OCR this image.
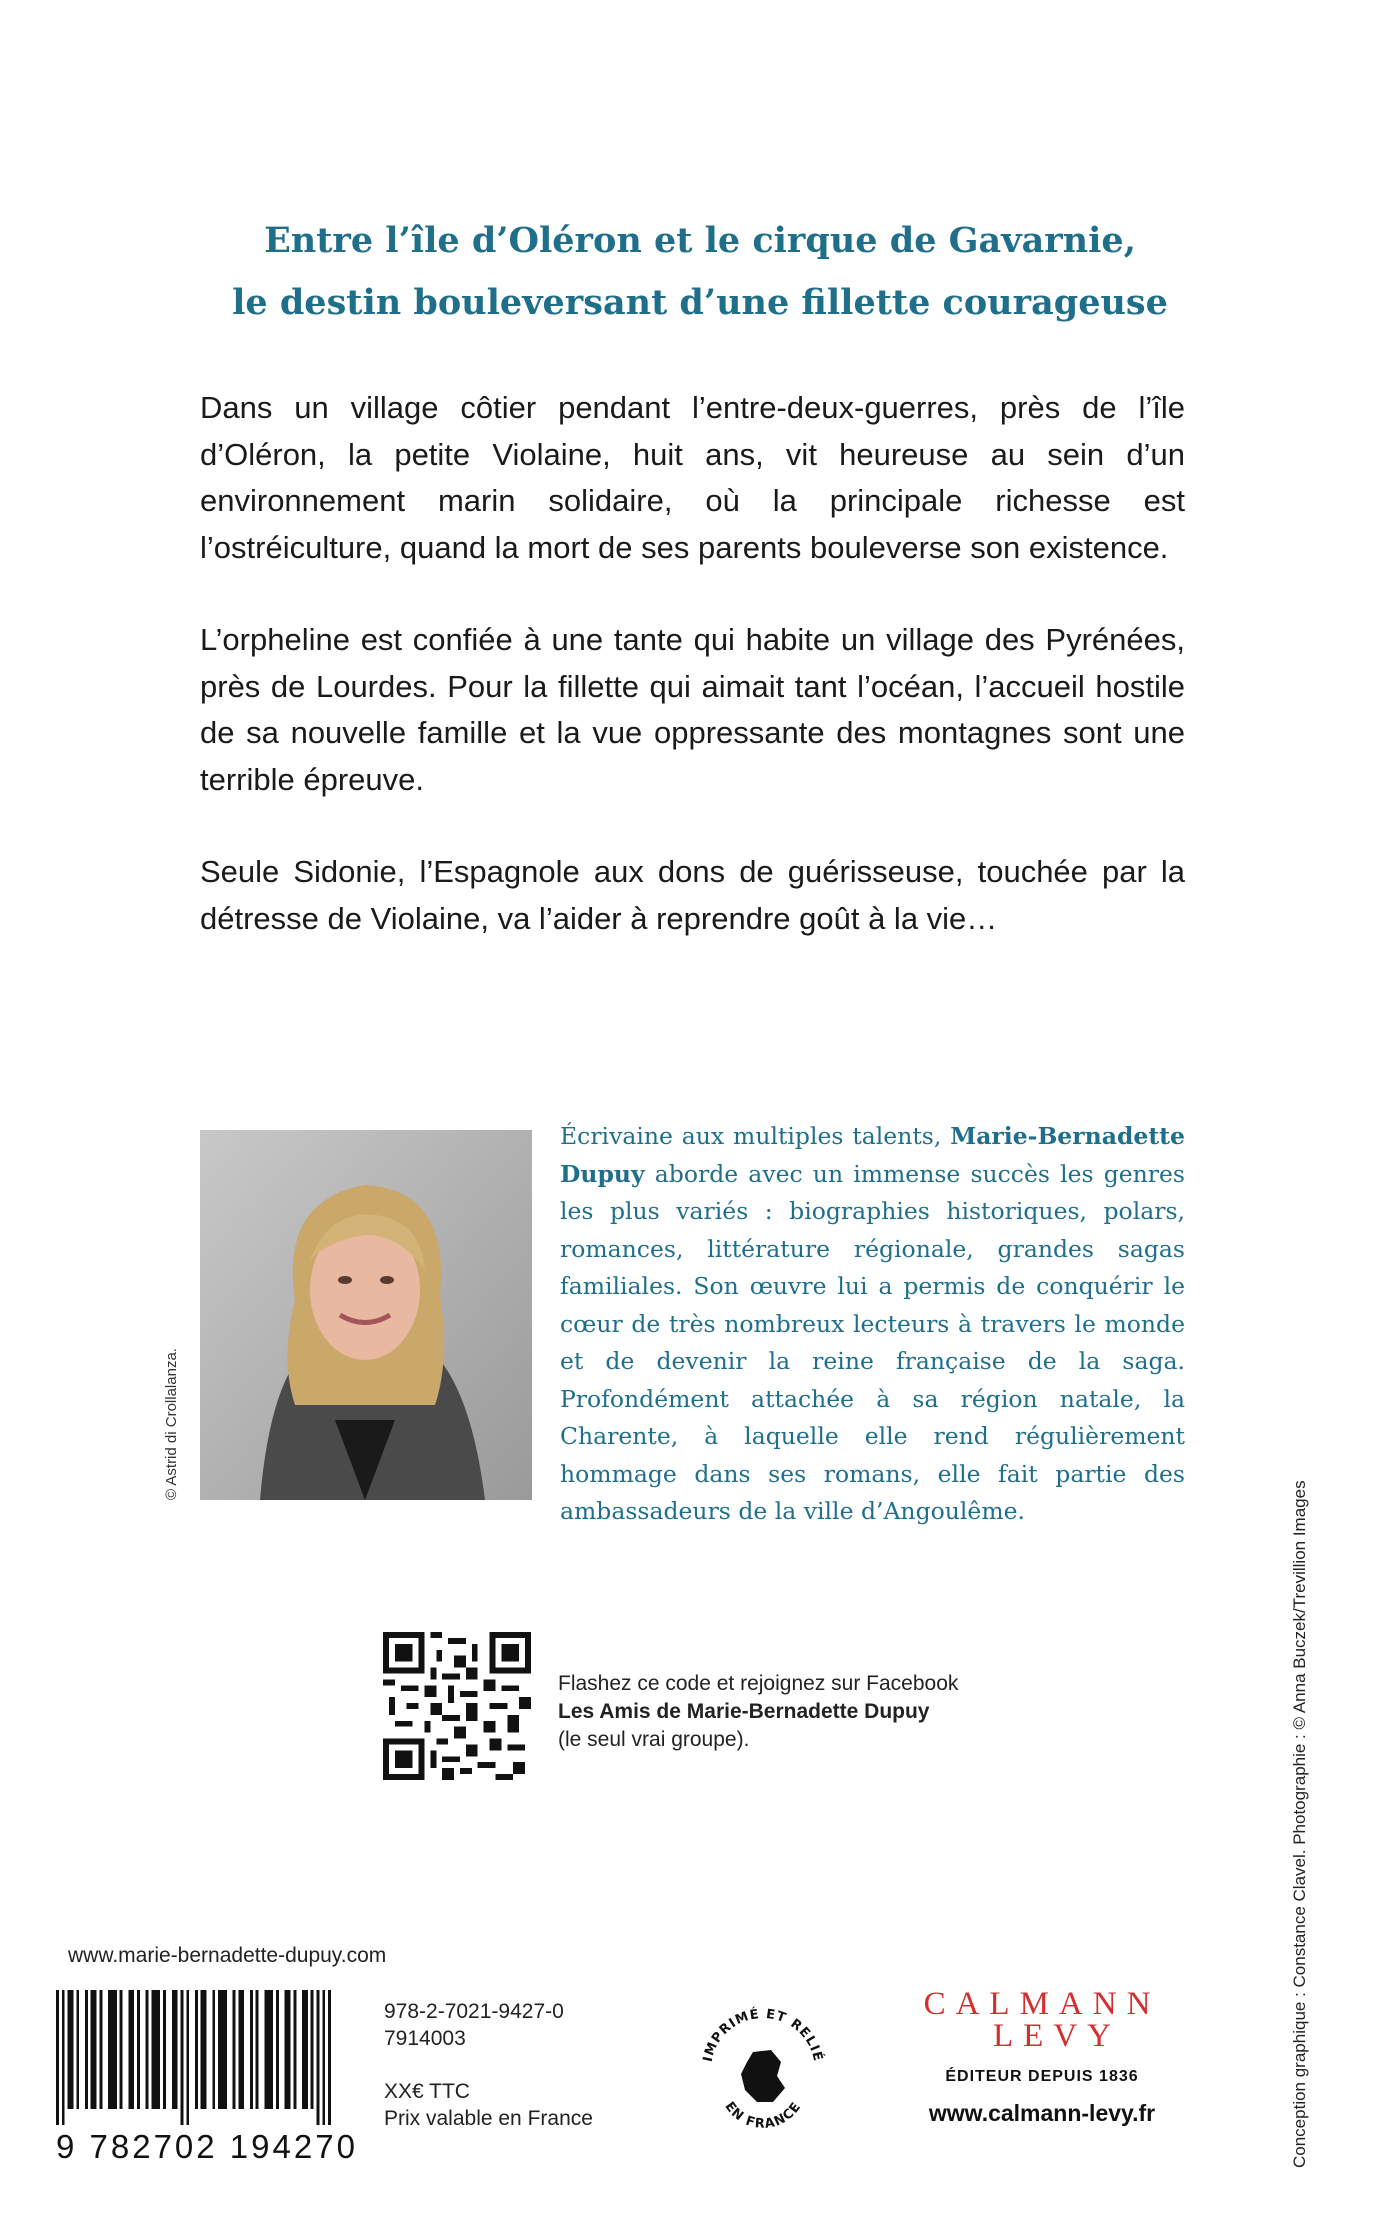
Entre l’île d’Oléron et le cirque de Gavarnie,
le destin bouleversant d’une fillette courageuse

Dans un village côtier pendant l’entre-deux-guerres, près de l’île d’Oléron, la petite Violaine, huit ans, vit heureuse au sein d’un environnement marin solidaire, où la principale richesse est l’ostréiculture, quand la mort de ses parents bouleverse son existence.

L’orpheline est confiée à une tante qui habite un village des Pyrénées, près de Lourdes. Pour la fillette qui aimait tant l’océan, l’accueil hostile de sa nouvelle famille et la vue oppressante des montagnes sont une terrible épreuve.

Seule Sidonie, l’Espagnole aux dons de guérisseuse, touchée par la détresse de Violaine, va l’aider à reprendre goût à la vie…

© Astrid di Crollalanza.
Écrivaine aux multiples talents, Marie-Bernadette Dupuy aborde avec un immense succès les genres les plus variés : biographies historiques, polars, romances, littérature régionale, grandes sagas familiales. Son œuvre lui a permis de conquérir le cœur de très nombreux lecteurs à travers le monde et de devenir la reine française de la saga. Profondément attachée à sa région natale, la Charente, à laquelle elle rend régulièrement hommage dans ses romans, elle fait partie des ambassadeurs de la ville d’Angoulême.
Flashez ce code et rejoignez sur Facebook
Les Amis de Marie-Bernadette Dupuy
(le seul vrai groupe).
www.marie-bernadette-dupuy.com
9 782702 194270
978-2-7021-9427-0
7914003
XX€ TTC
Prix valable en France
IMPRIMÉ ET RELIÉ
EN FRANCE
CALMANN
LEVY
ÉDITEUR DEPUIS 1836
www.calmann-levy.fr	Conception graphique : Constance Clavel. Photographie : © Anna Buczek/Trevillion Images
